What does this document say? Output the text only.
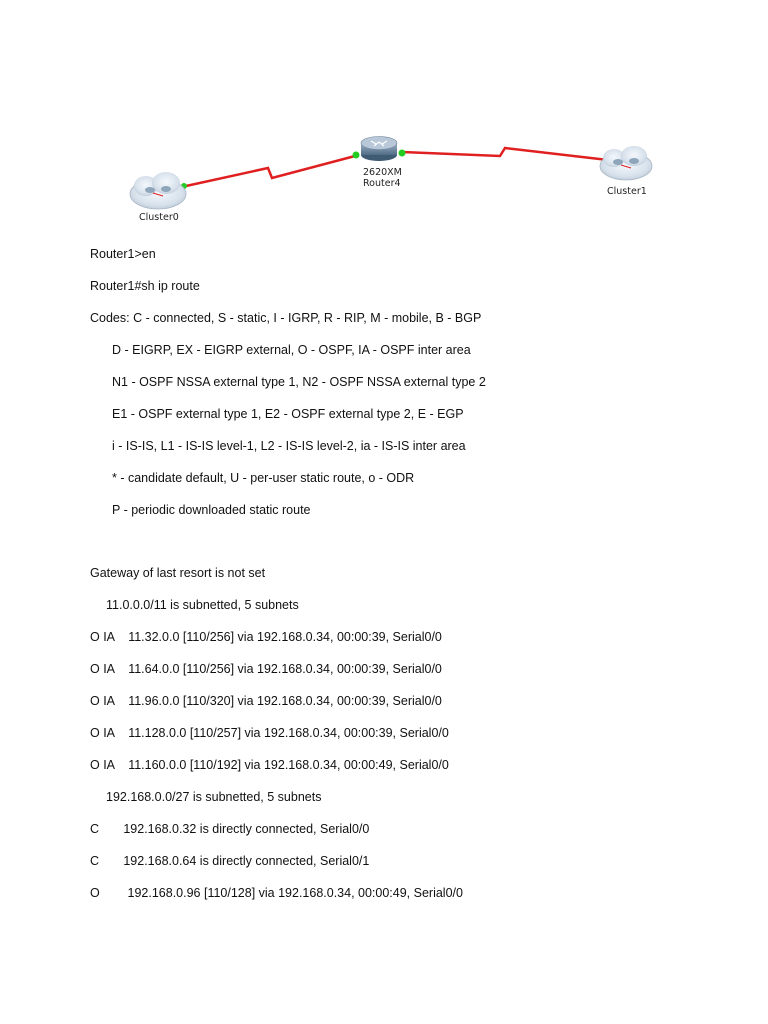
Cluster0
2620XM
Router4
Cluster1
Router1>en
Router1#sh ip route
Codes: C - connected, S - static, I - IGRP, R - RIP, M - mobile, B - BGP
D - EIGRP, EX - EIGRP external, O - OSPF, IA - OSPF inter area
N1 - OSPF NSSA external type 1, N2 - OSPF NSSA external type 2
E1 - OSPF external type 1, E2 - OSPF external type 2, E - EGP
i - IS-IS, L1 - IS-IS level-1, L2 - IS-IS level-2, ia - IS-IS inter area
* - candidate default, U - per-user static route, o - ODR
P - periodic downloaded static route
Gateway of last resort is not set
11.0.0.0/11 is subnetted, 5 subnets
O IA    11.32.0.0 [110/256] via 192.168.0.34, 00:00:39, Serial0/0
O IA    11.64.0.0 [110/256] via 192.168.0.34, 00:00:39, Serial0/0
O IA    11.96.0.0 [110/320] via 192.168.0.34, 00:00:39, Serial0/0
O IA    11.128.0.0 [110/257] via 192.168.0.34, 00:00:39, Serial0/0
O IA    11.160.0.0 [110/192] via 192.168.0.34, 00:00:49, Serial0/0
192.168.0.0/27 is subnetted, 5 subnets
C       192.168.0.32 is directly connected, Serial0/0
C       192.168.0.64 is directly connected, Serial0/1
O        192.168.0.96 [110/128] via 192.168.0.34, 00:00:49, Serial0/0
